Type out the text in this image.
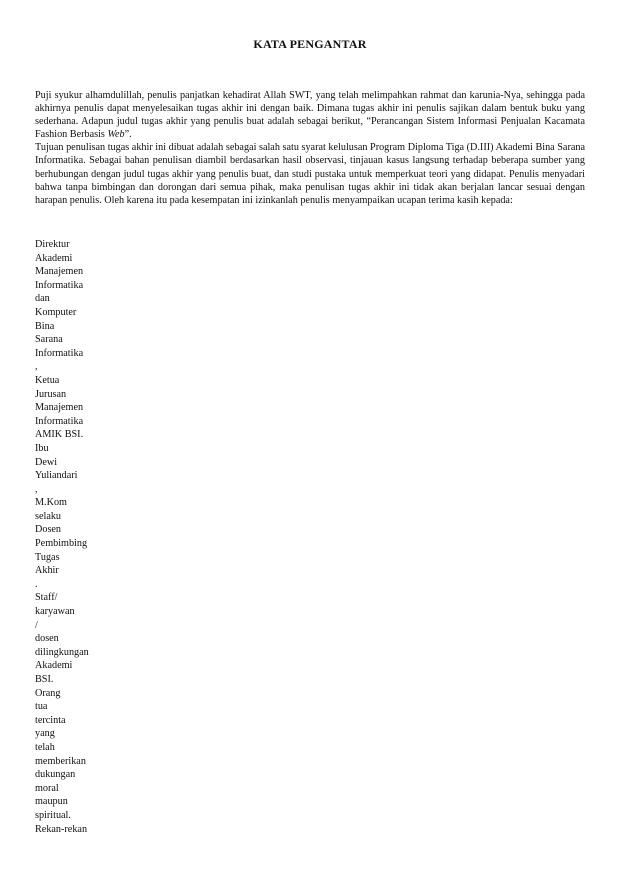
KATA PENGANTAR

Puji syukur alhamdulillah, penulis panjatkan kehadirat Allah SWT, yang telah melimpahkan rahmat dan karunia-Nya, sehingga pada akhirnya penulis dapat menyelesaikan tugas akhir ini dengan baik. Dimana tugas akhir ini penulis sajikan dalam bentuk buku yang sederhana. Adapun judul tugas akhir yang penulis buat adalah sebagai berikut, “Perancangan Sistem Informasi Penjualan Kacamata Fashion Berbasis Web”.

Tujuan penulisan tugas akhir ini dibuat adalah sebagai salah satu syarat kelulusan Program Diploma Tiga (D.III) Akademi Bina Sarana Informatika. Sebagai bahan penulisan diambil berdasarkan hasil observasi, tinjauan kasus langsung terhadap beberapa sumber yang berhubungan dengan judul tugas akhir yang penulis buat, dan studi pustaka untuk memperkuat teori yang didapat. Penulis menyadari bahwa tanpa bimbingan dan dorongan dari semua pihak, maka penulisan tugas akhir ini tidak akan berjalan lancar sesuai dengan harapan penulis. Oleh karena itu pada kesempatan ini izinkanlah penulis menyampaikan ucapan terima kasih kepada:

Direktur
Akademi
Manajemen
Informatika
dan
Komputer
Bina
Sarana
Informatika
,
Ketua
Jurusan
Manajemen
Informatika
AMIK BSI.
Ibu
Dewi
Yuliandari
,
M.Kom
selaku
Dosen
Pembimbing
Tugas
Akhir
.
Staff/
karyawan
/
dosen
dilingkungan
Akademi
BSI.
Orang
tua
tercinta
yang
telah
memberikan
dukungan
moral
maupun
spiritual.
Rekan-rekan
